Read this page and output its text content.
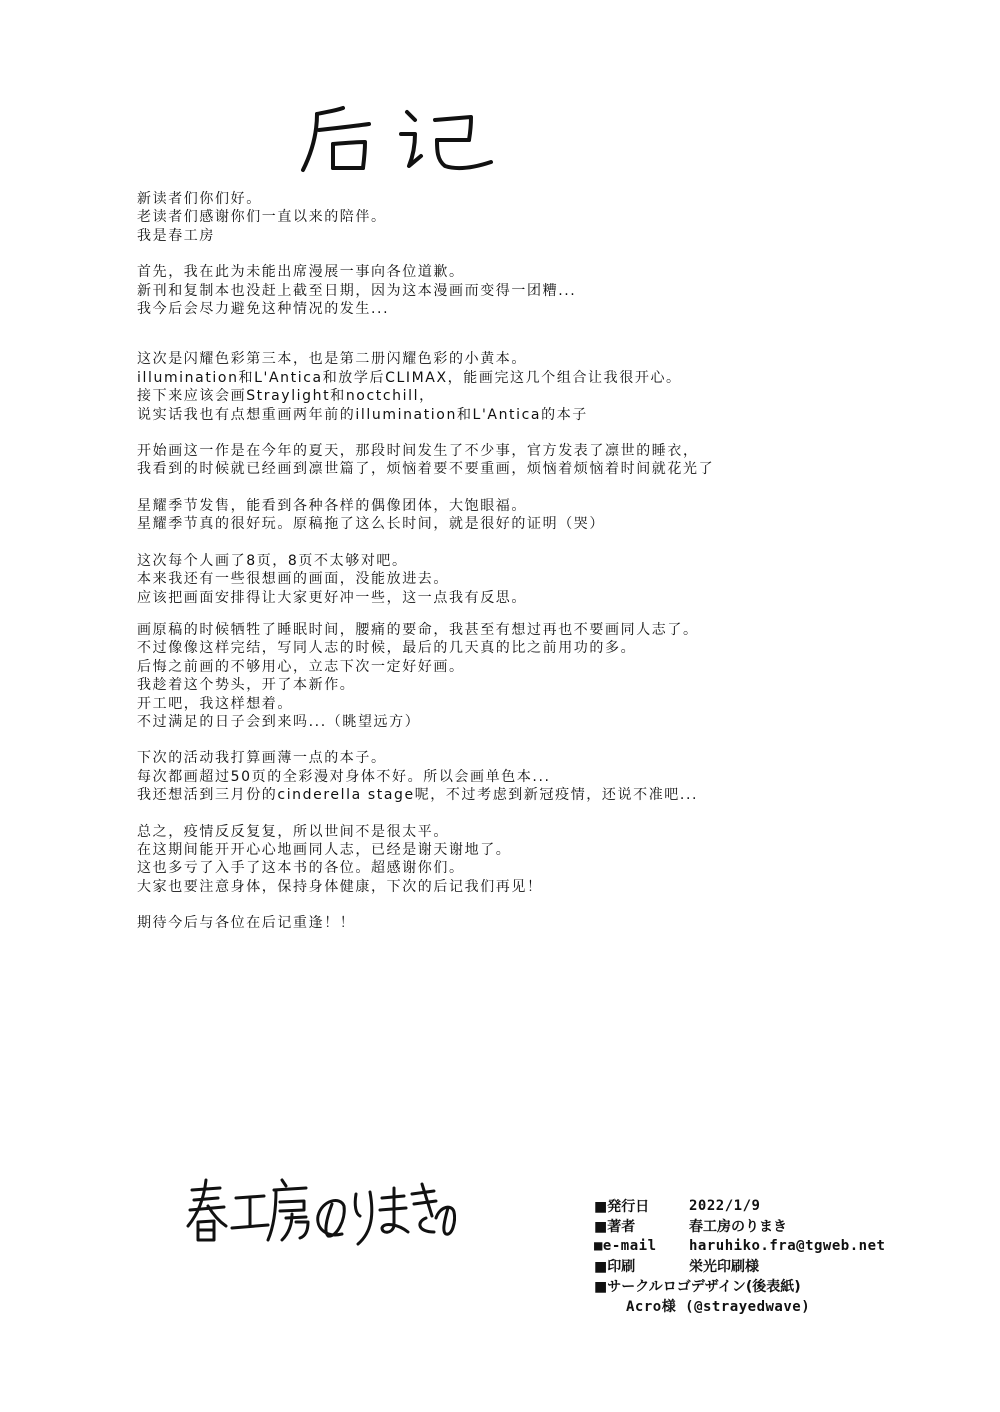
新读者们你们好。
老读者们感谢你们一直以来的陪伴。
我是春工房
首先，我在此为未能出席漫展一事向各位道歉。
新刊和复制本也没赶上截至日期，因为这本漫画而变得一团糟...
我今后会尽力避免这种情况的发生...
这次是闪耀色彩第三本，也是第二册闪耀色彩的小黄本。
illumination和L'Antica和放学后CLIMAX，能画完这几个组合让我很开心。
接下来应该会画Straylight和noctchill，
说实话我也有点想重画两年前的illumination和L'Antica的本子
开始画这一作是在今年的夏天，那段时间发生了不少事，官方发表了凛世的睡衣，
我看到的时候就已经画到凛世篇了，烦恼着要不要重画，烦恼着烦恼着时间就花光了
星耀季节发售，能看到各种各样的偶像团体，大饱眼福。
星耀季节真的很好玩。原稿拖了这么长时间，就是很好的证明（哭）
这次每个人画了8页，8页不太够对吧。
本来我还有一些很想画的画面，没能放进去。
应该把画面安排得让大家更好冲一些，这一点我有反思。
画原稿的时候牺牲了睡眠时间，腰痛的要命，我甚至有想过再也不要画同人志了。
不过像像这样完结，写同人志的时候，最后的几天真的比之前用功的多。
后悔之前画的不够用心，立志下次一定好好画。
我趁着这个势头，开了本新作。
开工吧，我这样想着。
不过满足的日子会到来吗...（眺望远方）
下次的活动我打算画薄一点的本子。
每次都画超过50页的全彩漫对身体不好。所以会画单色本...
我还想活到三月份的cinderella stage呢，不过考虑到新冠疫情，还说不准吧...
总之，疫情反反复复，所以世间不是很太平。
在这期间能开开心心地画同人志，已经是谢天谢地了。
这也多亏了入手了这本书的各位。超感谢你们。
大家也要注意身体，保持身体健康，下次的后记我们再见！
期待今后与各位在后记重逢！！
■発行日	2022/1/9
■著者	春工房のりまき
■e-mail	haruhiko.fra@tgweb.net
■印刷	栄光印刷様
■サークルロゴデザイン(後表紙)
Acro様 (@strayedwave)
